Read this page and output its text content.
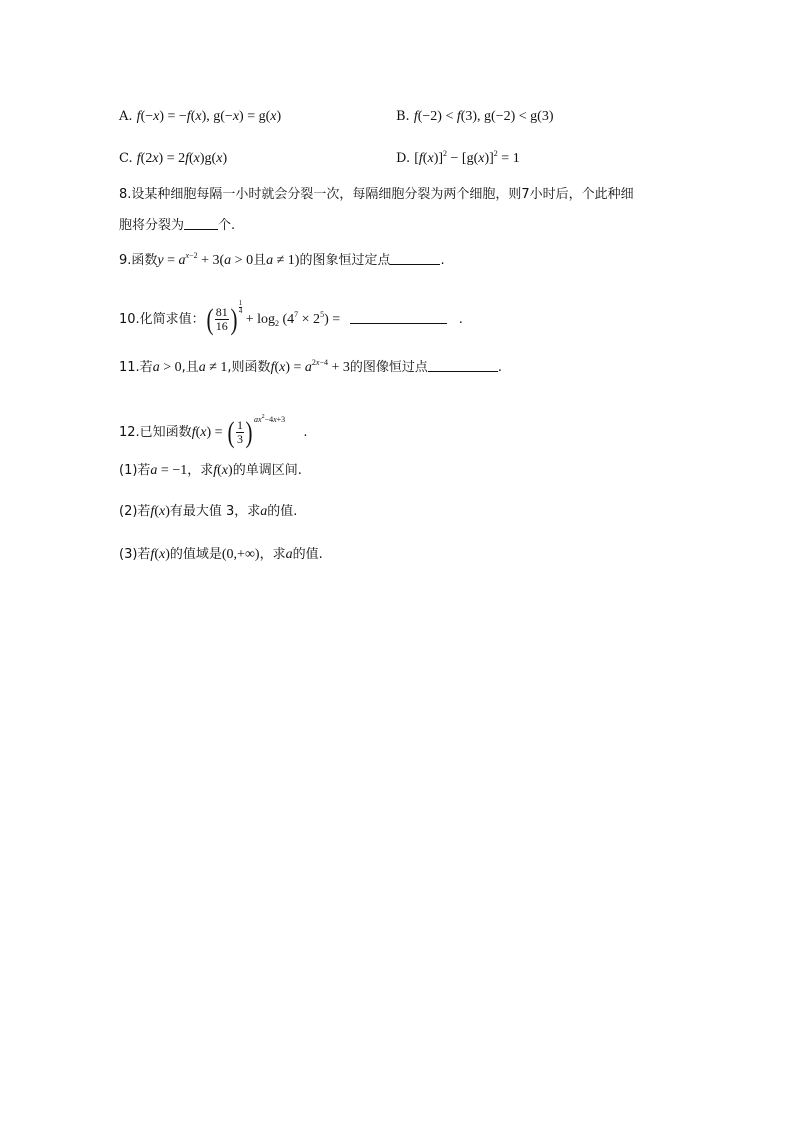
A. f(−x) = −f(x), g(−x) = g(x)	B. f(−2) < f(3), g(−2) < g(3)
C. f(2x) = 2f(x)g(x)	D. $[f(x)]^2 - [g(x)]^2 = 1$
8.设某种细胞每隔一小时就会分裂一次，每隔细胞分裂为两个细胞，则7小时后，个此种细
胞将分裂为	个.
9.函数$y = a^{x-2} + 3(a > 0$且a ≠ 1)的图象恒过定点	.
10.化简求值：( $\frac{81}{16}$ ) $\frac{1}{4}$
+ $\log_2 (4^7 \times 2^5)$ =	.
11.若a > 0,且a ≠ 1,则函数$f(x) = a^{2x-4} + 3$的图像恒过点	.
12.已知函数f(x) = ( $\frac{1}{3}$ ) $ax^2-4x+3$ .
(1)若a = −1，求f(x)的单调区间.
(2)若f(x)有最大值 3，求a的值.
(3)若f(x)的值域是(0,+∞)，求a的值.
